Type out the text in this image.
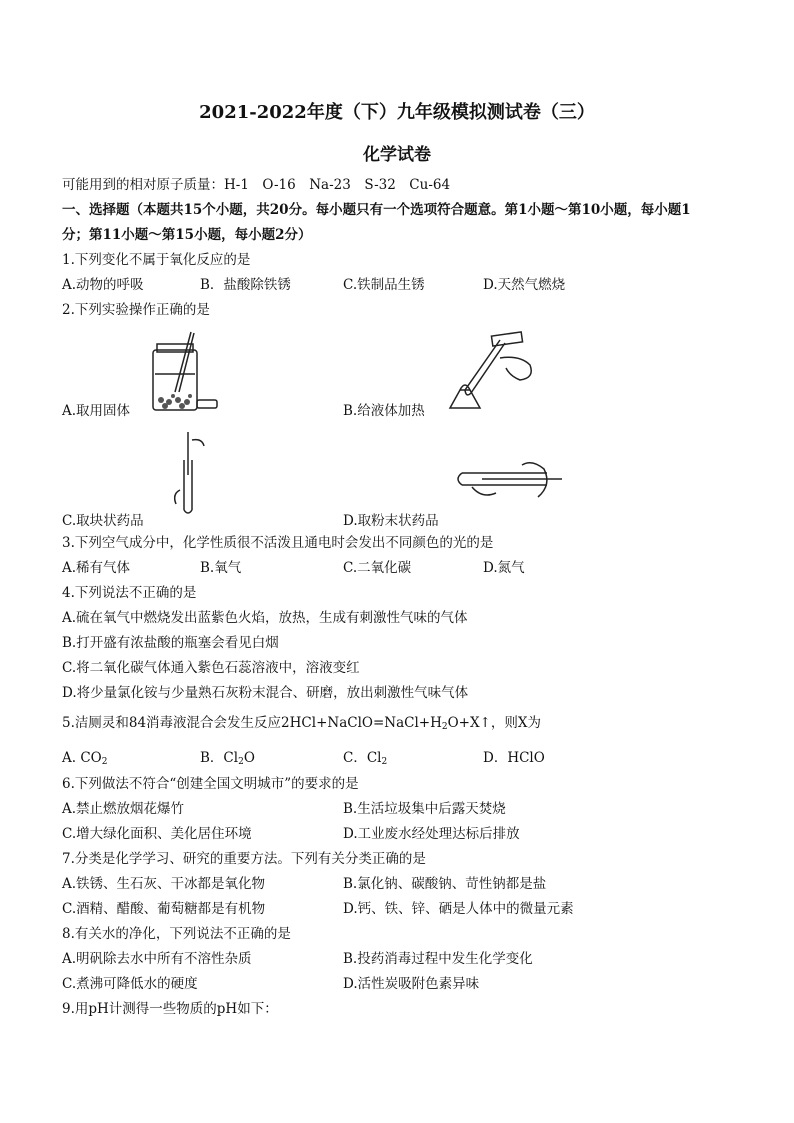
2021-2022年度（下）九年级模拟测试卷（三）
化学试卷
可能用到的相对原子质量：H-1　O-16　Na-23　S-32　Cu-64
一、选择题（本题共15个小题，共20分。每小题只有一个选项符合题意。第1小题～第10小题，每小题1
分；第11小题～第15小题，每小题2分）
1.下列变化不属于氧化反应的是
A.动物的呼吸	B．盐酸除铁锈	C.铁制品生锈	D.天然气燃烧
2.下列实验操作正确的是
A.取用固体	B.给液体加热
C.取块状药品	D.取粉末状药品
3.下列空气成分中，化学性质很不活泼且通电时会发出不同颜色的光的是
A.稀有气体	B.氧气	C.二氧化碳	D.氮气
4.下列说法不正确的是
A.硫在氧气中燃烧发出蓝紫色火焰，放热，生成有刺激性气味的气体
B.打开盛有浓盐酸的瓶塞会看见白烟
C.将二氧化碳气体通入紫色石蕊溶液中，溶液变红
D.将少量氯化铵与少量熟石灰粉末混合、研磨，放出刺激性气味气体
5.洁厕灵和84消毒液混合会发生反应$2HCl+NaClO=NaCl+H_2O+X↑$，则X为
A. $CO_2$	B．$Cl_2O$	C．$Cl_2$	D．HClO
6.下列做法不符合“创建全国文明城市”的要求的是
A.禁止燃放烟花爆竹	B.生活垃圾集中后露天焚烧
C.增大绿化面积、美化居住环境	D.工业废水经处理达标后排放
7.分类是化学学习、研究的重要方法。下列有关分类正确的是
A.铁锈、生石灰、干冰都是氧化物	B.氯化钠、碳酸钠、苛性钠都是盐
C.酒精、醋酸、葡萄糖都是有机物	D.钙、铁、锌、硒是人体中的微量元素
8.有关水的净化，下列说法不正确的是
A.明矾除去水中所有不溶性杂质	B.投药消毒过程中发生化学变化
C.煮沸可降低水的硬度	D.活性炭吸附色素异味
9.用pH计测得一些物质的pH如下：
